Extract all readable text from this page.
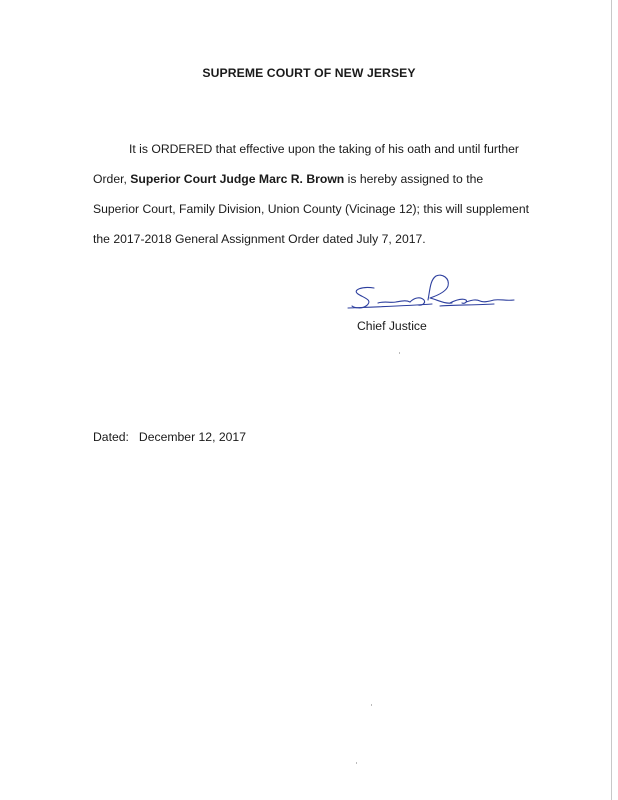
SUPREME COURT OF NEW JERSEY
It is ORDERED that effective upon the taking of his oath and until further
Order, Superior Court Judge Marc R. Brown is hereby assigned to the
Superior Court, Family Division, Union County (Vicinage 12); this will supplement
the 2017-2018 General Assignment Order dated July 7, 2017.
Chief Justice
Dated: December 12, 2017
